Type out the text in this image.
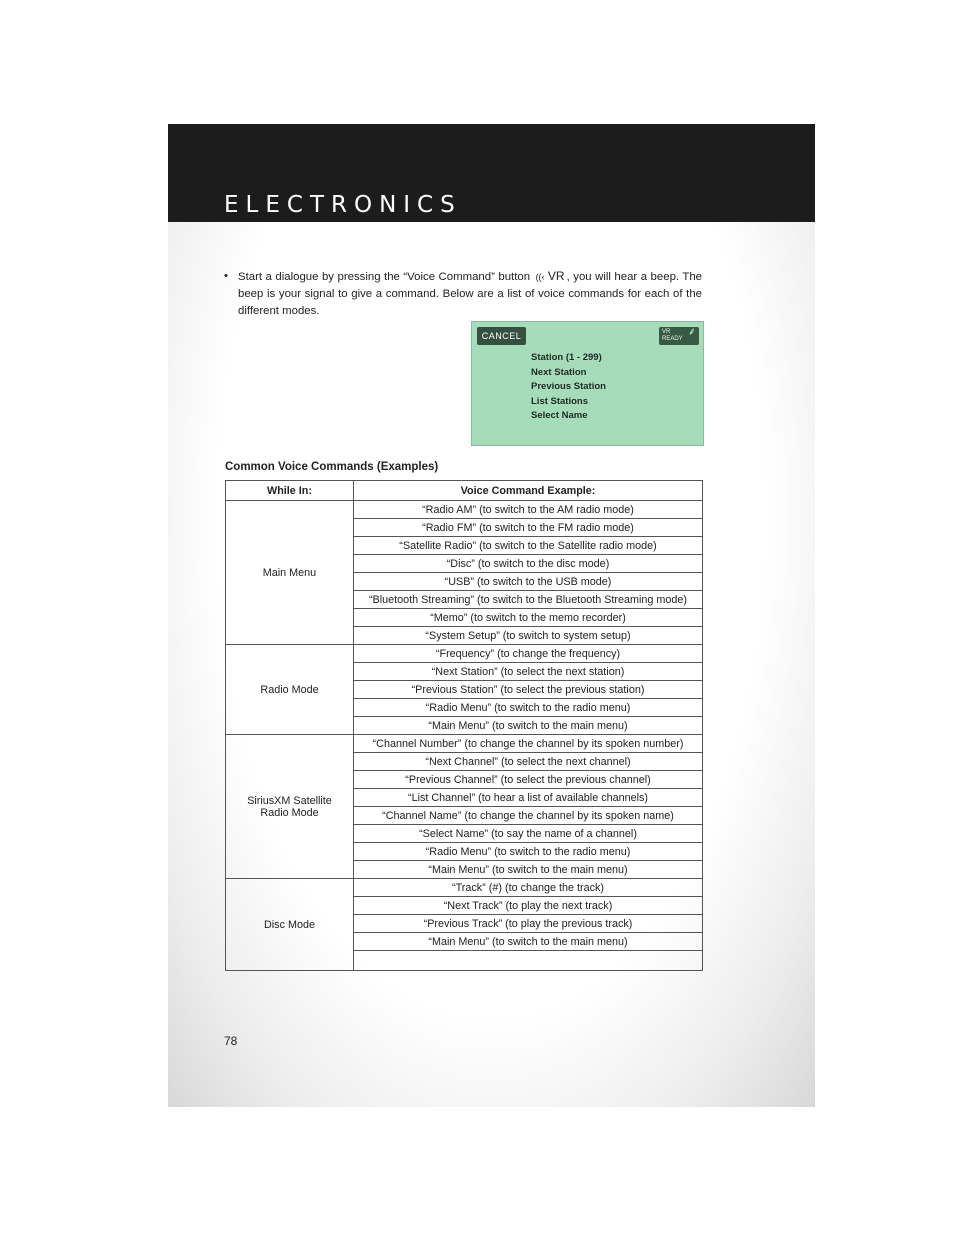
ELECTRONICS
• Start a dialogue by pressing the “Voice Command” button ((‹ VR , you will hear a beep. The beep is your signal to give a command. Below are a list of voice commands for each of the different modes.
CANCEL	VR
READY
⸙
Station (1 - 299)
Next Station
Previous Station
List Stations
Select Name
Common Voice Commands (Examples)
While In:	Voice Command Example:
Main Menu	“Radio AM” (to switch to the AM radio mode)
	“Radio FM” (to switch to the FM radio mode)
	“Satellite Radio” (to switch to the Satellite radio mode)
	“Disc” (to switch to the disc mode)
	“USB” (to switch to the USB mode)
	“Bluetooth Streaming” (to switch to the Bluetooth Streaming mode)
	“Memo” (to switch to the memo recorder)
	“System Setup” (to switch to system setup)
Radio Mode	“Frequency” (to change the frequency)
	“Next Station” (to select the next station)
	“Previous Station” (to select the previous station)
	“Radio Menu” (to switch to the radio menu)
	“Main Menu” (to switch to the main menu)
SiriusXM Satellite Radio Mode	“Channel Number” (to change the channel by its spoken number)
	“Next Channel” (to select the next channel)
	“Previous Channel” (to select the previous channel)
	“List Channel” (to hear a list of available channels)
	“Channel Name” (to change the channel by its spoken name)
	“Select Name” (to say the name of a channel)
	“Radio Menu” (to switch to the radio menu)
	“Main Menu” (to switch to the main menu)
Disc Mode	“Track” (#) (to change the track)
	“Next Track” (to play the next track)
	“Previous Track” (to play the previous track)
	“Main Menu” (to switch to the main menu)

78
